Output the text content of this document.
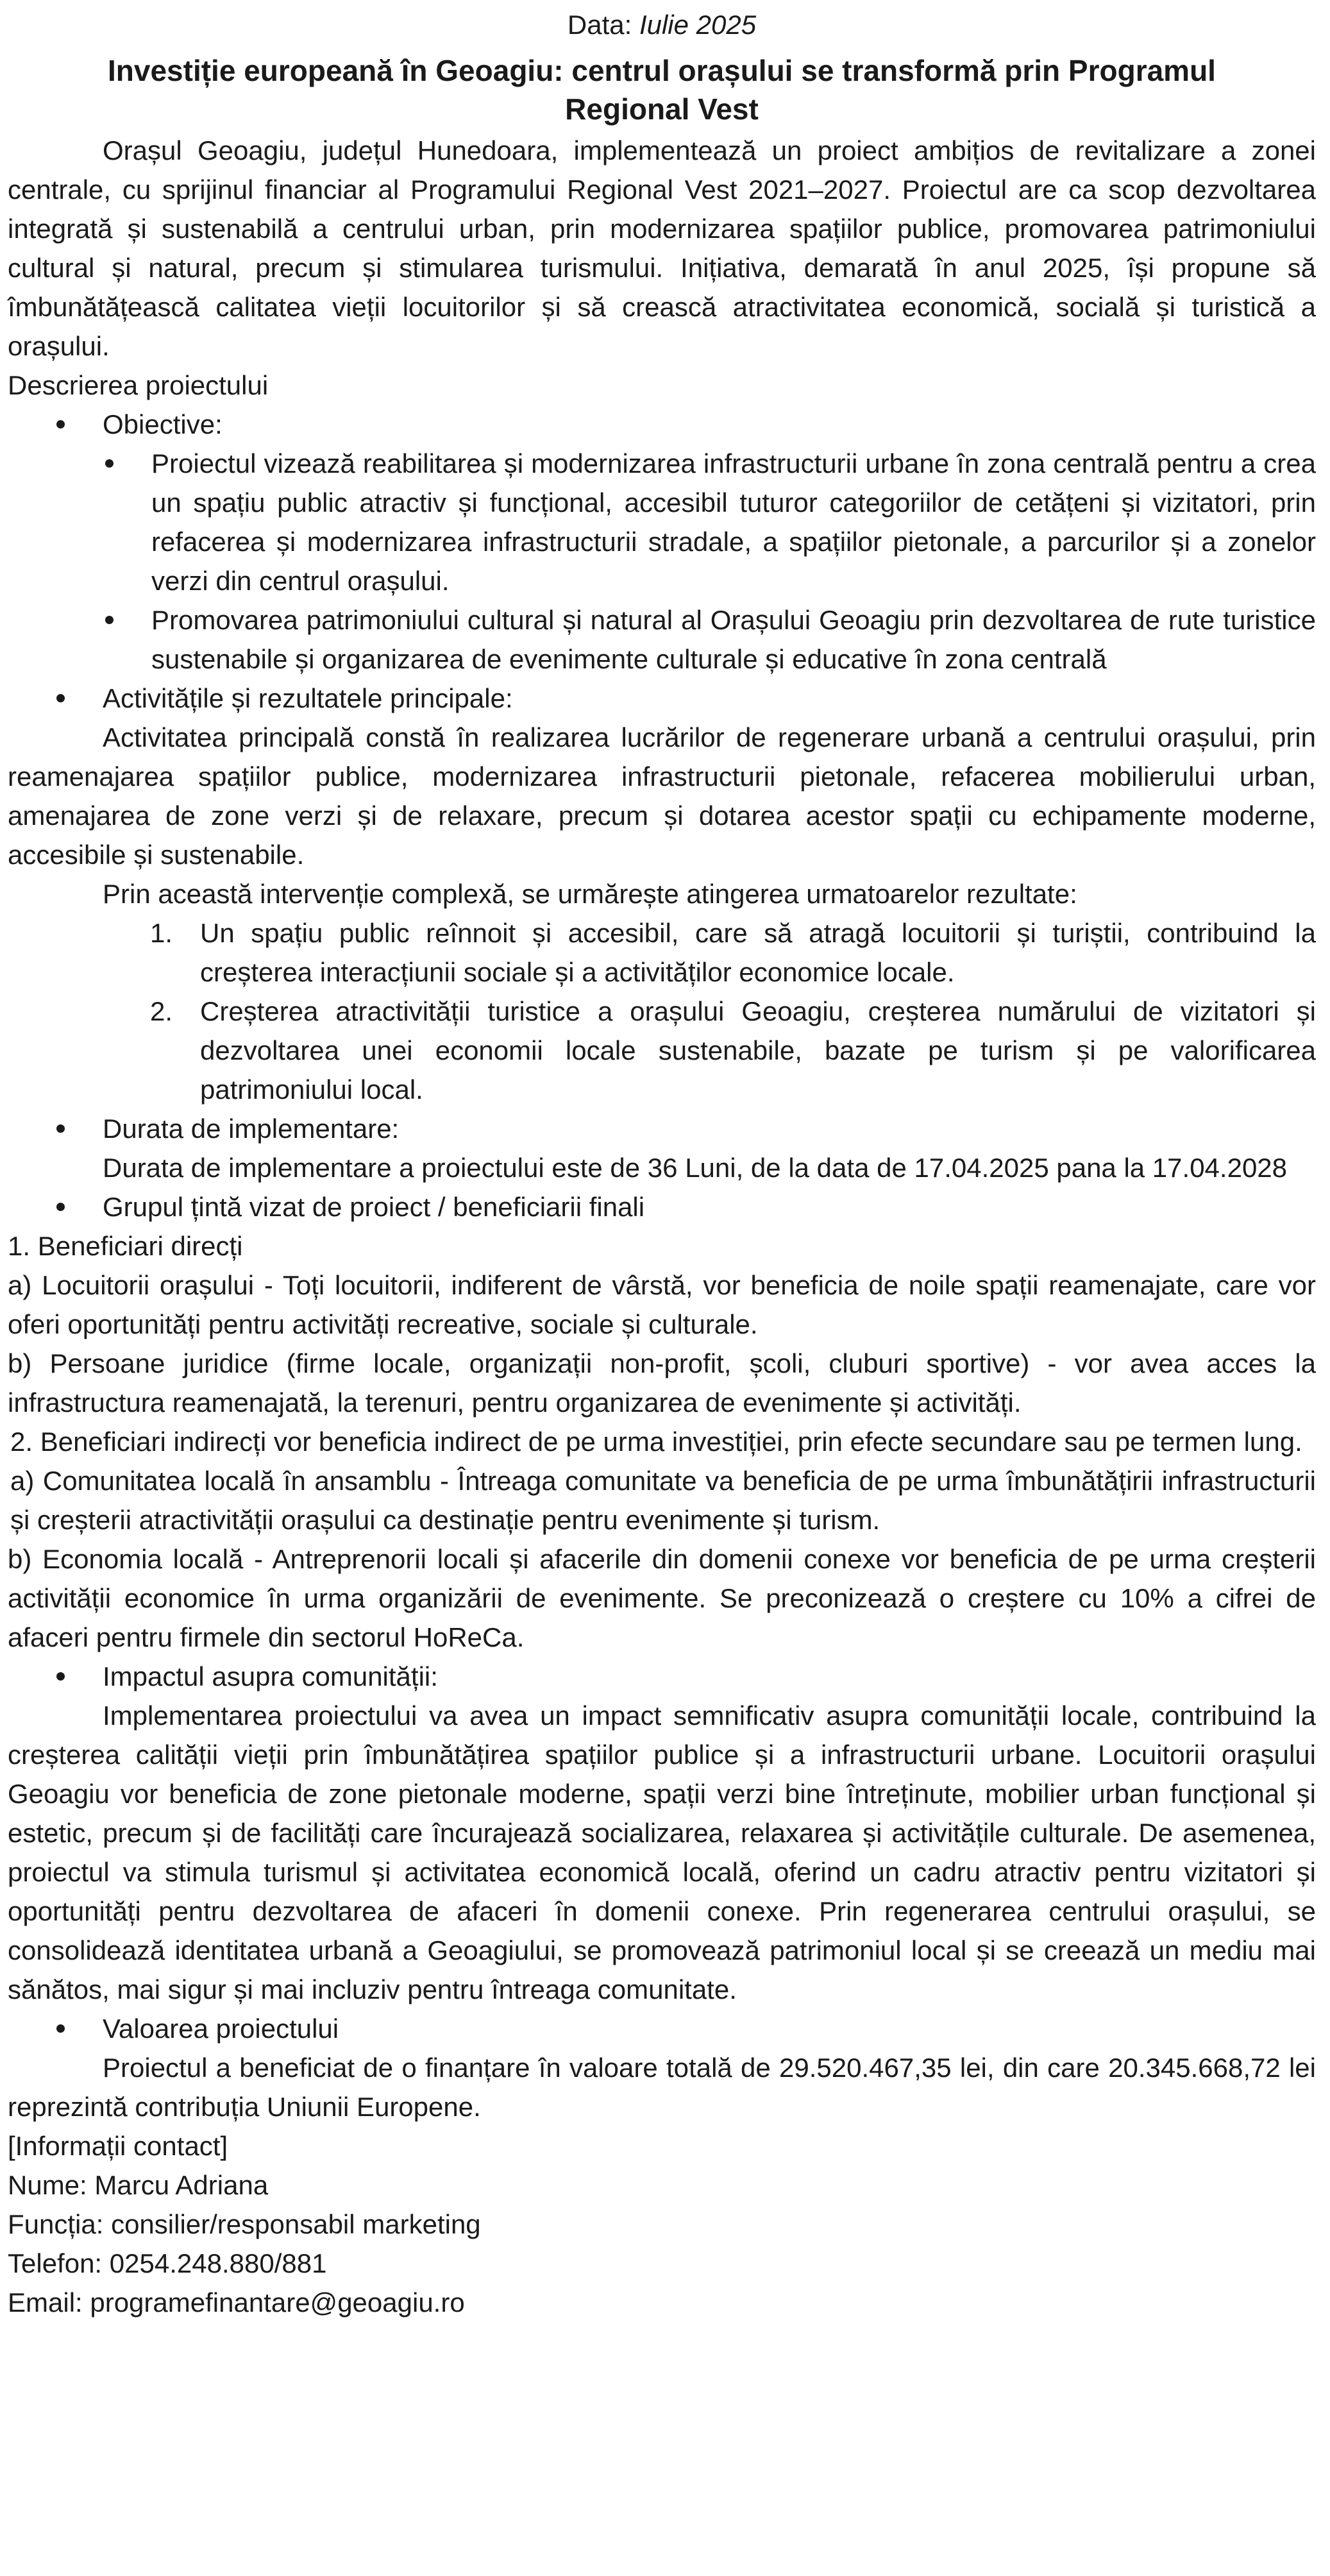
Data: Iulie 2025

Investiție europeană în Geoagiu: centrul orașului se transformă prin Programul Regional Vest

Orașul Geoagiu, județul Hunedoara, implementează un proiect ambițios de revitalizare a zonei centrale, cu sprijinul financiar al Programului Regional Vest 2021–2027. Proiectul are ca scop dezvoltarea integrată și sustenabilă a centrului urban, prin modernizarea spațiilor publice, promovarea patrimoniului cultural și natural, precum și stimularea turismului. Inițiativa, demarată în anul 2025, își propune să îmbunătățească calitatea vieții locuitorilor și să crească atractivitatea economică, socială și turistică a orașului.

Descrierea proiectului

Obiective:

Proiectul vizează reabilitarea și modernizarea infrastructurii urbane în zona centrală pentru a crea un spațiu public atractiv și funcțional, accesibil tuturor categoriilor de cetățeni și vizitatori, prin refacerea și modernizarea infrastructurii stradale, a spațiilor pietonale, a parcurilor și a zonelor verzi din centrul orașului.

Promovarea patrimoniului cultural și natural al Orașului Geoagiu prin dezvoltarea de rute turistice sustenabile și organizarea de evenimente culturale și educative în zona centrală

Activitățile și rezultatele principale:

Activitatea principală constă în realizarea lucrărilor de regenerare urbană a centrului orașului, prin reamenajarea spațiilor publice, modernizarea infrastructurii pietonale, refacerea mobilierului urban, amenajarea de zone verzi și de relaxare, precum și dotarea acestor spații cu echipamente moderne, accesibile și sustenabile.

Prin această intervenție complexă, se urmărește atingerea urmatoarelor rezultate:

1. Un spațiu public reînnoit și accesibil, care să atragă locuitorii și turiștii, contribuind la creșterea interacțiunii sociale și a activităților economice locale.

2. Creșterea atractivității turistice a orașului Geoagiu, creșterea numărului de vizitatori și dezvoltarea unei economii locale sustenabile, bazate pe turism și pe valorificarea patrimoniului local.

Durata de implementare:

Durata de implementare a proiectului este de 36 Luni, de la data de 17.04.2025 pana la 17.04.2028

Grupul țintă vizat de proiect / beneficiarii finali

1. Beneficiari direcți

a) Locuitorii orașului - Toți locuitorii, indiferent de vârstă, vor beneficia de noile spații reamenajate, care vor oferi oportunități pentru activități recreative, sociale și culturale.

b) Persoane juridice (firme locale, organizații non-profit, școli, cluburi sportive) - vor avea acces la infrastructura reamenajată, la terenuri, pentru organizarea de evenimente și activități.

2. Beneficiari indirecți vor beneficia indirect de pe urma investiției, prin efecte secundare sau pe termen lung.

a) Comunitatea locală în ansamblu - Întreaga comunitate va beneficia de pe urma îmbunătățirii infrastructurii și creșterii atractivității orașului ca destinație pentru evenimente și turism.

b) Economia locală - Antreprenorii locali și afacerile din domenii conexe vor beneficia de pe urma creșterii activității economice în urma organizării de evenimente. Se preconizează o creștere cu 10% a cifrei de afaceri pentru firmele din sectorul HoReCa.

Impactul asupra comunității:

Implementarea proiectului va avea un impact semnificativ asupra comunității locale, contribuind la creșterea calității vieții prin îmbunătățirea spațiilor publice și a infrastructurii urbane. Locuitorii orașului Geoagiu vor beneficia de zone pietonale moderne, spații verzi bine întreținute, mobilier urban funcțional și estetic, precum și de facilități care încurajează socializarea, relaxarea și activitățile culturale. De asemenea, proiectul va stimula turismul și activitatea economică locală, oferind un cadru atractiv pentru vizitatori și oportunități pentru dezvoltarea de afaceri în domenii conexe. Prin regenerarea centrului orașului, se consolidează identitatea urbană a Geoagiului, se promovează patrimoniul local și se creează un mediu mai sănătos, mai sigur și mai incluziv pentru întreaga comunitate.

Valoarea proiectului

Proiectul a beneficiat de o finanțare în valoare totală de 29.520.467,35 lei, din care 20.345.668,72 lei reprezintă contribuția Uniunii Europene.

[Informații contact]

Nume: Marcu Adriana

Funcția: consilier/responsabil marketing

Telefon: 0254.248.880/881

Email: programefinantare@geoagiu.ro
